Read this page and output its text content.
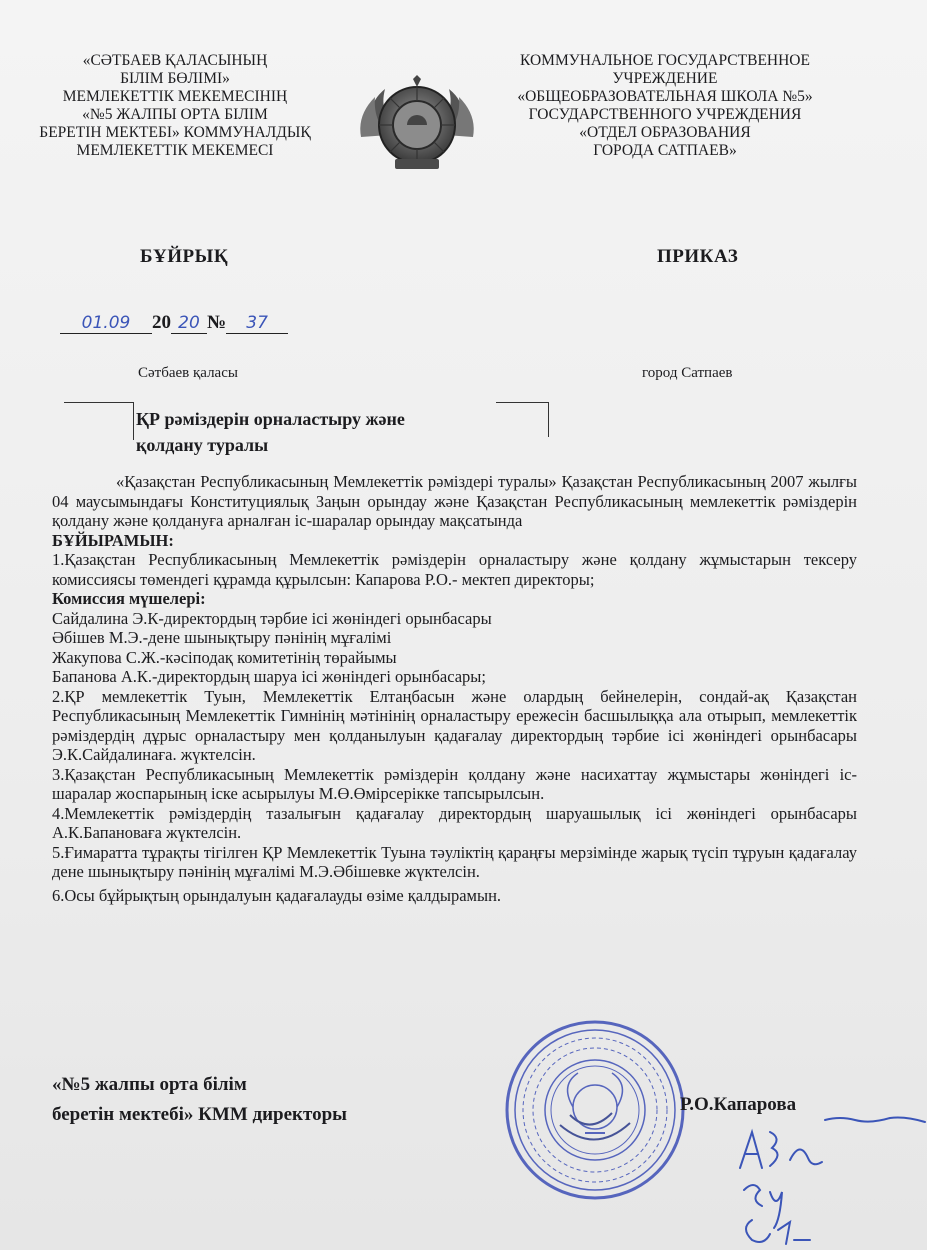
«СӘТБАЕВ ҚАЛАСЫНЫҢ
БІЛІМ БӨЛІМІ»
МЕМЛЕКЕТТІК МЕКЕМЕСІНІҢ
«№5 ЖАЛПЫ ОРТА БІЛІМ
БЕРЕТІН МЕКТЕБІ» КОММУНАЛДЫҚ
МЕМЛЕКЕТТІК МЕКЕМЕСІ
КОММУНАЛЬНОЕ ГОСУДАРСТВЕННОЕ
УЧРЕЖДЕНИЕ
«ОБЩЕОБРАЗОВАТЕЛЬНАЯ ШКОЛА №5»
ГОСУДАРСТВЕННОГО УЧРЕЖДЕНИЯ
«ОТДЕЛ ОБРАЗОВАНИЯ
ГОРОДА САТПАЕВ»
БҰЙРЫҚ	ПРИКАЗ
01.09 20 20 № 37
Сәтбаев қаласы	город Сатпаев
ҚР рәміздерін орналастыру және
қолдану туралы

«Қазақстан Республикасының Мемлекеттік рәміздері туралы» Қазақстан Республикасының 2007 жылғы 04 маусымындағы Конституциялық Заңын орындау және Қазақстан Республикасының мемлекеттік рәміздерін қолдану және қолдануға арналған іс-шаралар орындау мақсатында

БҰЙЫРАМЫН:

1.Қазақстан Республикасының Мемлекеттік рәміздерін орналастыру және қолдану жұмыстарын тексеру комиссиясы төмендегі құрамда құрылсын: Капарова Р.О.- мектеп директоры;

Комиссия мүшелері:

Сайдалина Э.К-директордың тәрбие ісі жөніндегі орынбасары

Әбішев М.Э.-дене шынықтыру пәнінің мұғалімі

Жакупова С.Ж.-кәсіподақ комитетінің төрайымы

Бапанова А.К.-директордың шаруа ісі жөніндегі орынбасары;

2.ҚР мемлекеттік Туын, Мемлекеттік Елтаңбасын және олардың бейнелерін, сондай-ақ Қазақстан Республикасының Мемлекеттік Гимнінің мәтінінің орналастыру ережесін басшылыққа ала отырып, мемлекеттік рәміздердің дұрыс орналастыру мен қолданылуын қадағалау директордың тәрбие ісі жөніндегі орынбасары Э.К.Сайдалинаға. жүктелсін.

3.Қазақстан Республикасының Мемлекеттік рәміздерін қолдану және насихаттау жұмыстары жөніндегі іс-шаралар жоспарының іске асырылуы М.Ө.Өмірсерікке тапсырылсын.

4.Мемлекеттік рәміздердің тазалығын қадағалау директордың шаруашылық ісі жөніндегі орынбасары А.К.Бапановаға жүктелсін.

5.Ғимаратта тұрақты тігілген ҚР Мемлекеттік Туына тәуліктің қараңғы мерзімінде жарық түсіп тұруын қадағалау дене шынықтыру пәнінің мұғалімі М.Э.Әбішевке жүктелсін.

6.Осы бұйрықтың орындалуын қадағалауды өзіме қалдырамын.

«№5 жалпы орта білім
беретін мектебі» КММ директоры	Р.О.Капарова
